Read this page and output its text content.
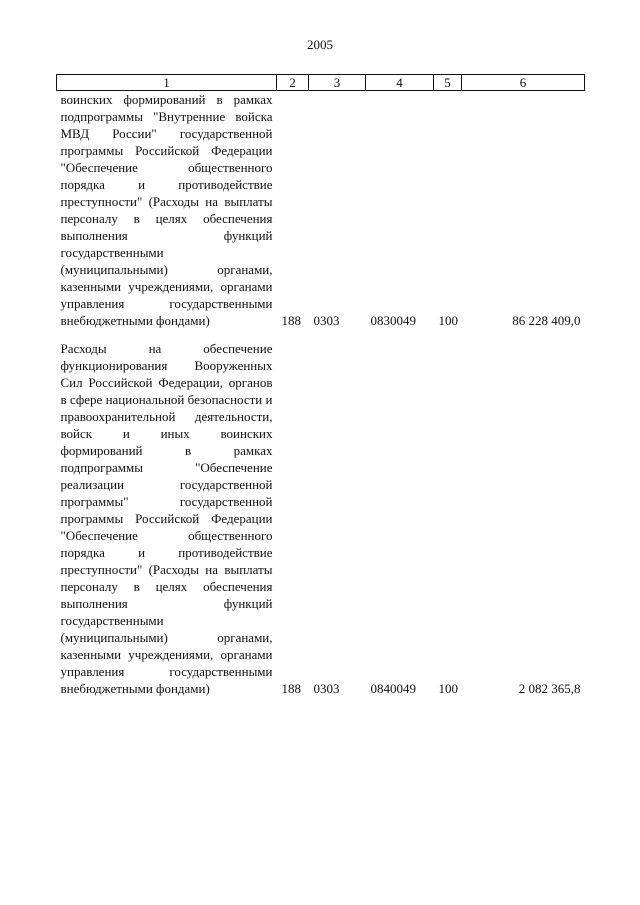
2005
1	2	3	4	5	6
воинских формирований в рамках подпрограммы "Внутренние войска МВД России" государственной программы Российской Федерации "Обеспечение общественного порядка и противодействие преступности" (Расходы на выплаты персоналу в целях обеспечения выполнения функций государственными (муниципальными) органами, казенными учреждениями, органами управления государственными внебюджетными фондами)	188	0303	0830049	100	86 228 409,0

Расходы на обеспечение функционирования Вооруженных Сил Российской Федерации, органов в сфере национальной безопасности и правоохранительной деятельности, войск и иных воинских формирований в рамках подпрограммы "Обеспечение реализации государственной программы" государственной программы Российской Федерации "Обеспечение общественного порядка и противодействие преступности" (Расходы на выплаты персоналу в целях обеспечения выполнения функций государственными (муниципальными) органами, казенными учреждениями, органами управления государственными внебюджетными фондами)	188	0303	0840049	100	2 082 365,8
